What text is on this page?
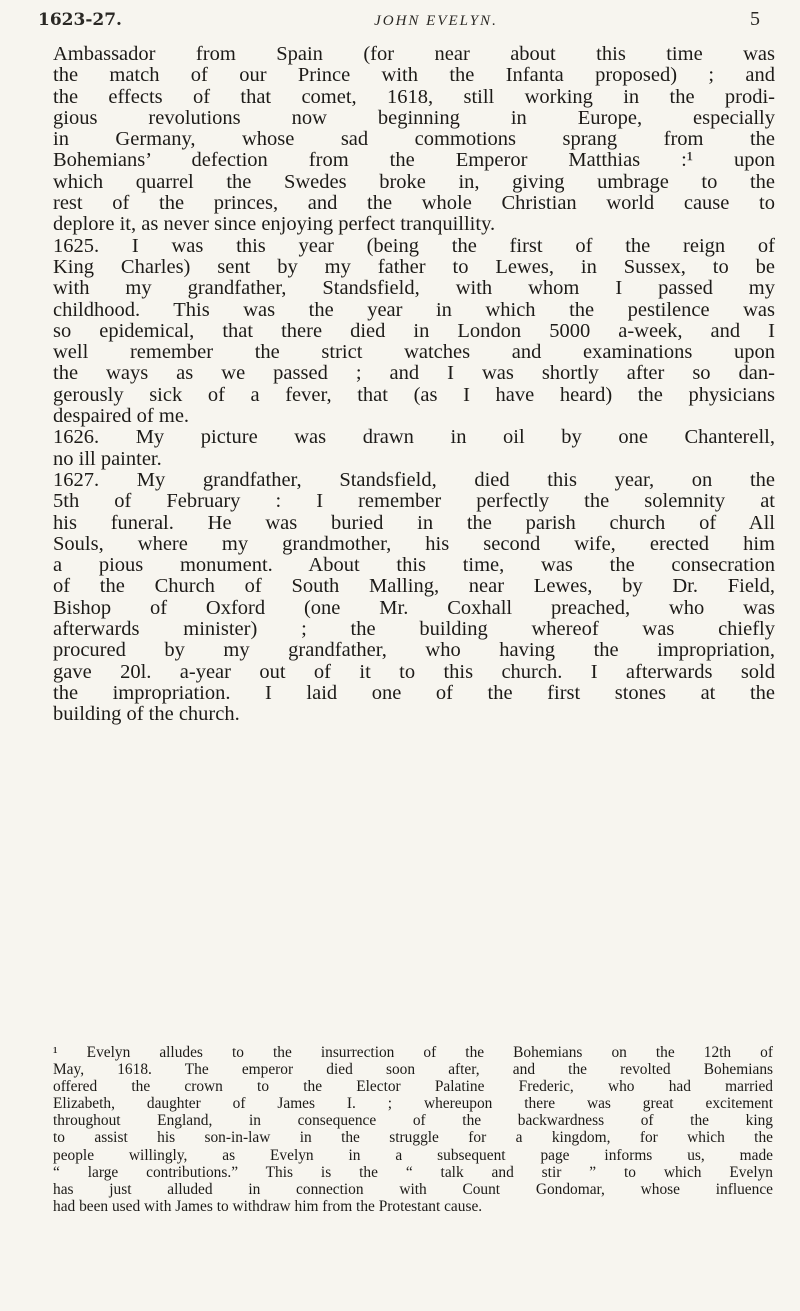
1623-27.	JOHN EVELYN.	5
Ambassador from Spain (for near about this time was
the match of our Prince with the Infanta proposed) ; and
the effects of that comet, 1618, still working in the prodi-
gious revolutions now beginning in Europe, especially
in Germany, whose sad commotions sprang from the
Bohemians’ defection from the Emperor Matthias :¹ upon
which quarrel the Swedes broke in, giving umbrage to the
rest of the princes, and the whole Christian world cause to
deplore it, as never since enjoying perfect tranquillity.
1625. I was this year (being the first of the reign of
King Charles) sent by my father to Lewes, in Sussex, to be
with my grandfather, Standsfield, with whom I passed my
childhood. This was the year in which the pestilence was
so epidemical, that there died in London 5000 a-week, and I
well remember the strict watches and examinations upon
the ways as we passed ; and I was shortly after so dan-
gerously sick of a fever, that (as I have heard) the physicians
despaired of me.
1626. My picture was drawn in oil by one Chanterell,
no ill painter.
1627. My grandfather, Standsfield, died this year, on the
5th of February : I remember perfectly the solemnity at
his funeral. He was buried in the parish church of All
Souls, where my grandmother, his second wife, erected him
a pious monument. About this time, was the consecration
of the Church of South Malling, near Lewes, by Dr. Field,
Bishop of Oxford (one Mr. Coxhall preached, who was
afterwards minister) ; the building whereof was chiefly
procured by my grandfather, who having the impropriation,
gave 20l. a-year out of it to this church. I afterwards sold
the impropriation. I laid one of the first stones at the
building of the church.
¹ Evelyn alludes to the insurrection of the Bohemians on the 12th of
May, 1618. The emperor died soon after, and the revolted Bohemians
offered the crown to the Elector Palatine Frederic, who had married
Elizabeth, daughter of James I. ; whereupon there was great excitement
throughout England, in consequence of the backwardness of the king
to assist his son-in-law in the struggle for a kingdom, for which the
people willingly, as Evelyn in a subsequent page informs us, made
“ large contributions.” This is the “ talk and stir ” to which Evelyn
has just alluded in connection with Count Gondomar, whose influence
had been used with James to withdraw him from the Protestant cause.
